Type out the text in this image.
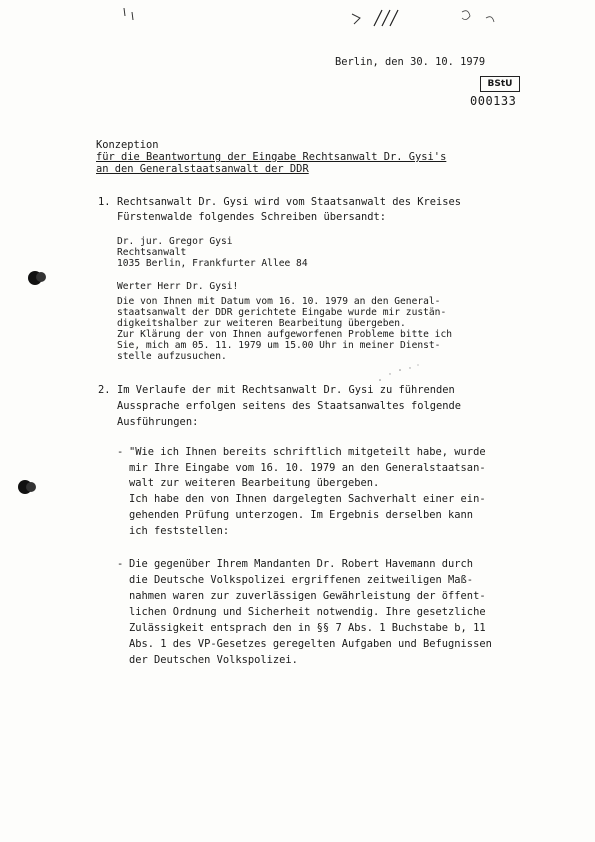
Berlin, den 30. 10. 1979
BStU
000133
Konzeption
für die Beantwortung der Eingabe Rechtsanwalt Dr. Gysi's
an den Generalstaatsanwalt der DDR
1. Rechtsanwalt Dr. Gysi wird vom Staatsanwalt des Kreises
Fürstenwalde folgendes Schreiben übersandt:
Dr. jur. Gregor Gysi
Rechtsanwalt
1035 Berlin, Frankfurter Allee 84
Werter Herr Dr. Gysi!
Die von Ihnen mit Datum vom 16. 10. 1979 an den General-
staatsanwalt der DDR gerichtete Eingabe wurde mir zustän-
digkeitshalber zur weiteren Bearbeitung übergeben.
Zur Klärung der von Ihnen aufgeworfenen Probleme bitte ich
Sie, mich am 05. 11. 1979 um 15.00 Uhr in meiner Dienst-
stelle aufzusuchen.
2. Im Verlaufe der mit Rechtsanwalt Dr. Gysi zu führenden
Aussprache erfolgen seitens des Staatsanwaltes folgende
Ausführungen:
- "Wie ich Ihnen bereits schriftlich mitgeteilt habe, wurde
mir Ihre Eingabe vom 16. 10. 1979 an den Generalstaatsan-
walt zur weiteren Bearbeitung übergeben.
Ich habe den von Ihnen dargelegten Sachverhalt einer ein-
gehenden Prüfung unterzogen. Im Ergebnis derselben kann
ich feststellen:
- Die gegenüber Ihrem Mandanten Dr. Robert Havemann durch
die Deutsche Volkspolizei ergriffenen zeitweiligen Maß-
nahmen waren zur zuverlässigen Gewährleistung der öffent-
lichen Ordnung und Sicherheit notwendig. Ihre gesetzliche
Zulässigkeit entsprach den in §§ 7 Abs. 1 Buchstabe b, 11
Abs. 1 des VP-Gesetzes geregelten Aufgaben und Befugnissen
der Deutschen Volkspolizei.
